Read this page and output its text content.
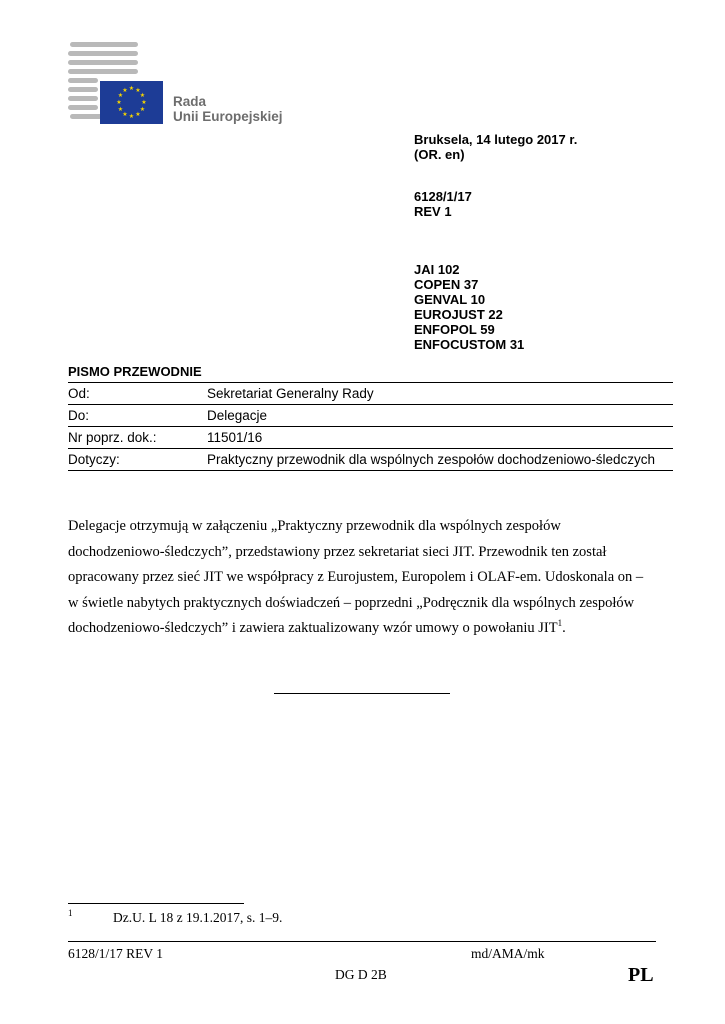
★ ★
★
★
★
★
★
★
★
★
★
★
Rada
Unii Europejskiej
Bruksela, 14 lutego 2017 r.
(OR. en)
6128/1/17
REV 1
JAI 102
COPEN 37
GENVAL 10
EUROJUST 22
ENFOPOL 59
ENFOCUSTOM 31
PISMO PRZEWODNIE
Od:	Sekretariat Generalny Rady
Do:	Delegacje
Nr poprz. dok.:	11501/16
Dotyczy:	Praktyczny przewodnik dla wspólnych zespołów dochodzeniowo-śledczych
Delegacje otrzymują w załączeniu „Praktyczny przewodnik dla wspólnych zespołów
dochodzeniowo-śledczych”, przedstawiony przez sekretariat sieci JIT. Przewodnik ten został
opracowany przez sieć JIT we współpracy z Eurojustem, Europolem i OLAF-em. Udoskonala on –
w świetle nabytych praktycznych doświadczeń – poprzedni „Podręcznik dla wspólnych zespołów
dochodzeniowo-śledczych” i zawiera zaktualizowany wzór umowy o powołaniu JIT$^1$.
1	Dz.U. L 18 z 19.1.2017, s. 1–9.
6128/1/17 REV 1	md/AMA/mk
DG D 2B	PL
